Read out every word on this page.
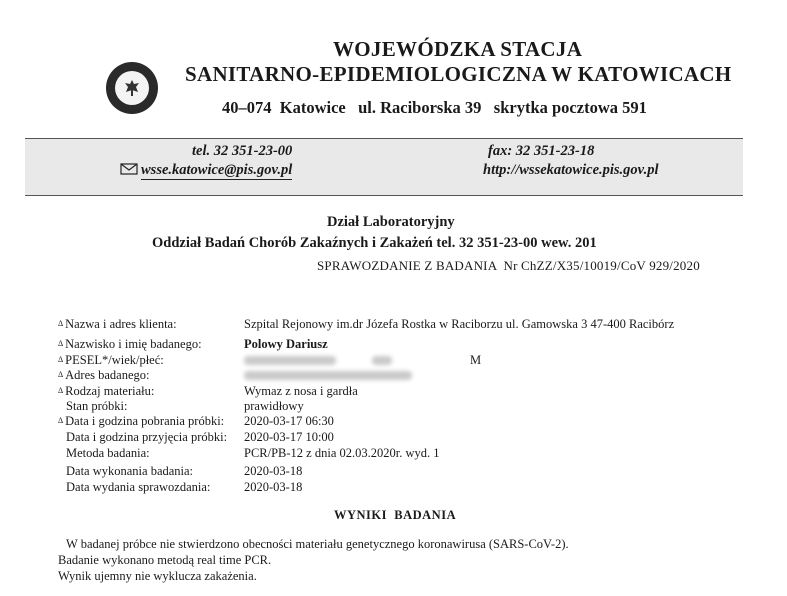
WOJEWÓDZKA STACJA
SANITARNO-EPIDEMIOLOGICZNA W KATOWICACH
40–074  Katowice   ul. Raciborska 39   skrytka pocztowa 591
tel. 32 351-23-00	fax: 32 351-23-18
wsse.katowice@pis.gov.pl	http://wssekatowice.pis.gov.pl
Dział Laboratoryjny
Oddział Badań Chorób Zakaźnych i Zakażeń tel. 32 351-23-00 wew. 201
SPRAWOZDANIE Z BADANIA  Nr ChZZ/X35/10019/CoV 929/2020
Δ Nazwa i adres klienta:	Szpital Rejonowy im.dr Józefa Rostka w Raciborzu ul. Gamowska 3 47-400 Racibórz
Δ Nazwisko i imię badanego:	Polowy Dariusz
Δ PESEL*/wiek/płeć:	M
Δ Adres badanego:
Δ Rodzaj materiału:	Wymaz z nosa i gardła
Stan próbki:	prawidłowy
Δ Data i godzina pobrania próbki: 2020-03-17 06:30
Data i godzina przyjęcia próbki: 2020-03-17 10:00
Metoda badania:	PCR/PB-12 z dnia 02.03.2020r. wyd. 1
Data wykonania badania:	2020-03-18
Data wydania sprawozdania:	2020-03-18
WYNIKI  BADANIA
W badanej próbce nie stwierdzono obecności materiału genetycznego koronawirusa (SARS-CoV-2).
Badanie wykonano metodą real time PCR.
Wynik ujemny nie wyklucza zakażenia.
